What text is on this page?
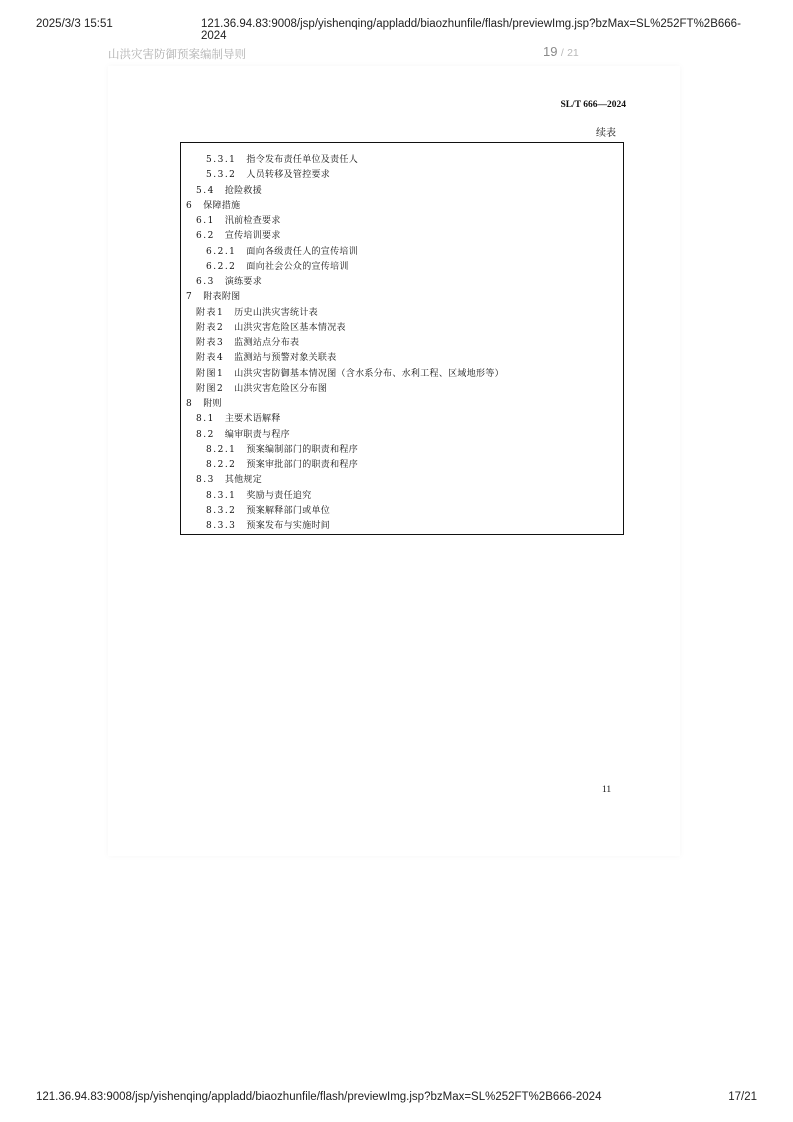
2025/3/3 15:51	121.36.94.83:9008/jsp/yishenqing/appladd/biaozhunfile/flash/previewImg.jsp?bzMax=SL%252FT%2B666-2024
山洪灾害防御预案编制导则	19 / 21
SL/T 666—2024
续表
5.3.1 指令发布责任单位及责任人
5.3.2 人员转移及管控要求
5.4 抢险救援
6 保障措施
6.1 汛前检查要求
6.2 宣传培训要求
6.2.1 面向各级责任人的宣传培训
6.2.2 面向社会公众的宣传培训
6.3 演练要求
7 附表附图
附表1 历史山洪灾害统计表
附表2 山洪灾害危险区基本情况表
附表3 监测站点分布表
附表4 监测站与预警对象关联表
附图1 山洪灾害防御基本情况图（含水系分布、水利工程、区域地形等）
附图2 山洪灾害危险区分布图
8 附则
8.1 主要术语解释
8.2 编审职责与程序
8.2.1 预案编制部门的职责和程序
8.2.2 预案审批部门的职责和程序
8.3 其他规定
8.3.1 奖励与责任追究
8.3.2 预案解释部门或单位
8.3.3 预案发布与实施时间
11
121.36.94.83:9008/jsp/yishenqing/appladd/biaozhunfile/flash/previewImg.jsp?bzMax=SL%252FT%2B666-2024	17/21
